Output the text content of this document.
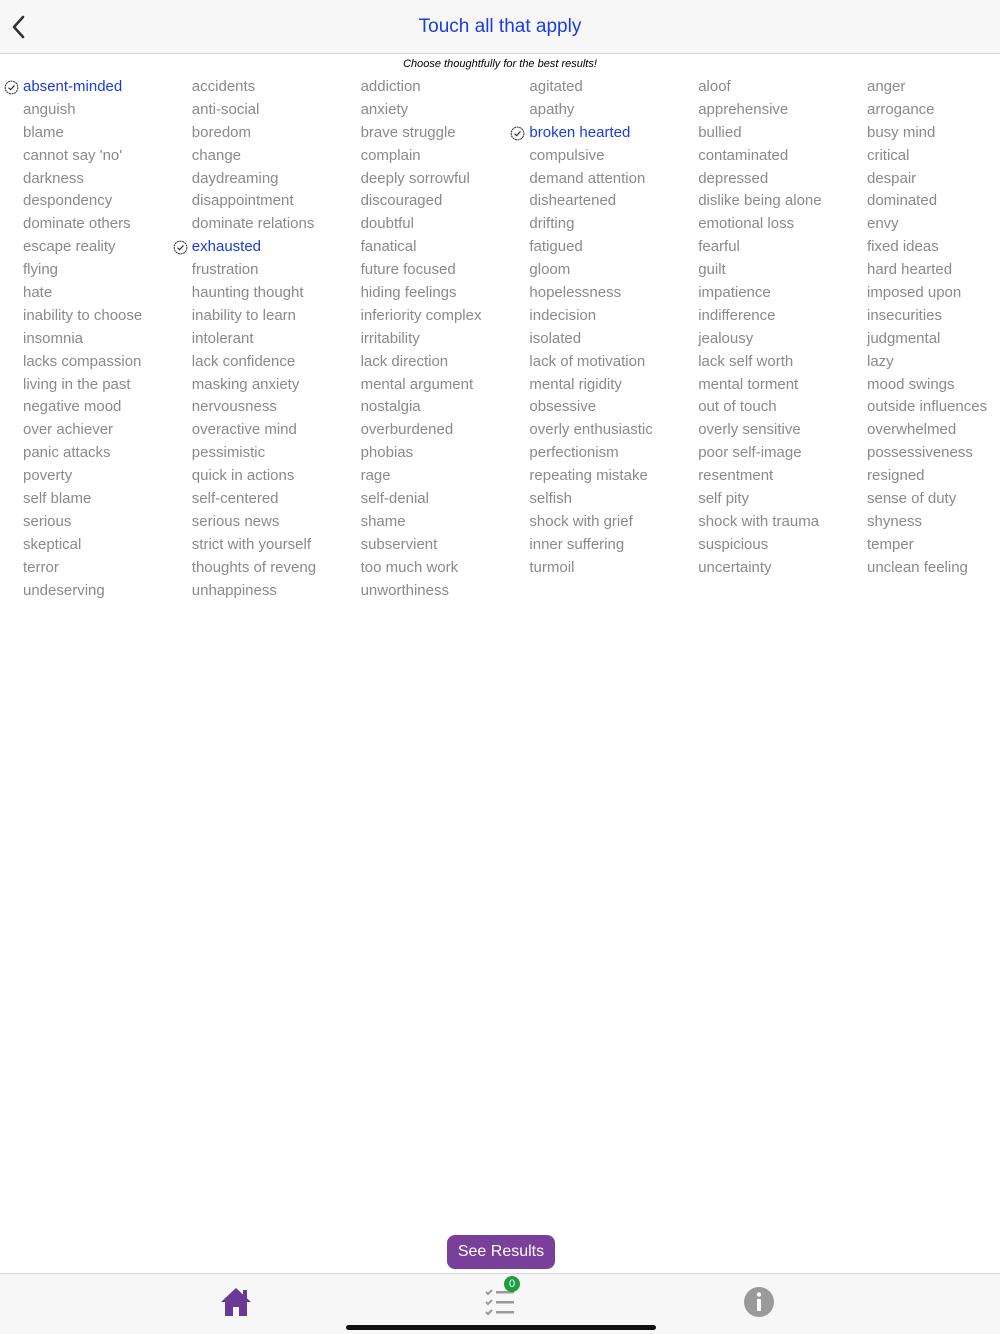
Touch all that apply
Choose thoughtfully for the best results!
absent-minded	accidents	addiction	agitated	aloof	anger
anguish	anti-social	anxiety	apathy	apprehensive	arrogance
blame	boredom	brave struggle	broken hearted	bullied	busy mind
cannot say 'no'	change	complain	compulsive	contaminated	critical
darkness	daydreaming	deeply sorrowful	demand attention	depressed	despair
despondency	disappointment	discouraged	disheartened	dislike being alone	dominated
dominate others	dominate relations	doubtful	drifting	emotional loss	envy
escape reality	exhausted	fanatical	fatigued	fearful	fixed ideas
flying	frustration	future focused	gloom	guilt	hard hearted
hate	haunting thought	hiding feelings	hopelessness	impatience	imposed upon
inability to choose	inability to learn	inferiority complex	indecision	indifference	insecurities
insomnia	intolerant	irritability	isolated	jealousy	judgmental
lacks compassion	lack confidence	lack direction	lack of motivation	lack self worth	lazy
living in the past	masking anxiety	mental argument	mental rigidity	mental torment	mood swings
negative mood	nervousness	nostalgia	obsessive	out of touch	outside influences
over achiever	overactive mind	overburdened	overly enthusiastic	overly sensitive	overwhelmed
panic attacks	pessimistic	phobias	perfectionism	poor self-image	possessiveness
poverty	quick in actions	rage	repeating mistake	resentment	resigned
self blame	self-centered	self-denial	selfish	self pity	sense of duty
serious	serious news	shame	shock with grief	shock with trauma	shyness
skeptical	strict with yourself	subservient	inner suffering	suspicious	temper
terror	thoughts of reveng	too much work	turmoil	uncertainty	unclean feeling
undeserving	unhappiness	unworthiness
See Results
0
